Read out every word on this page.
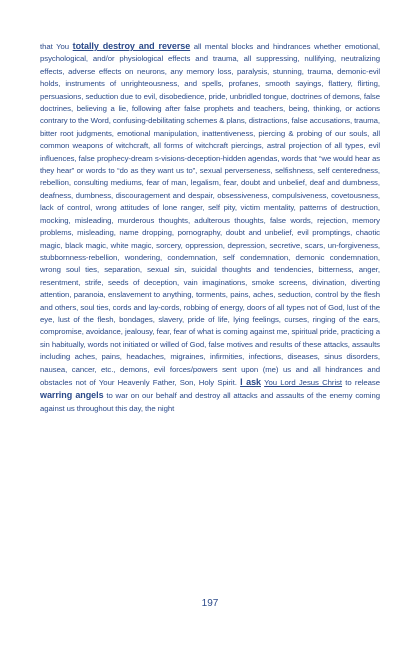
that You totally destroy and reverse all mental blocks and hindrances whether emotional, psychological, and/or physiological effects and trauma, all suppressing, nullifying, neutralizing effects, adverse effects on neurons, any memory loss, paralysis, stunning, trauma, demonic-evil holds, instruments of unrighteousness, and spells, profanes, smooth sayings, flattery, flirting, persuasions, seduction due to evil, disobedience, pride, unbridled tongue, doctrines of demons, false doctrines, believing a lie, following after false prophets and teachers, being, thinking, or actions contrary to the Word, confusing-debilitating schemes & plans, distractions, false accusations, trauma, bitter root judgments, emotional manipulation, inattentiveness, piercing & probing of our souls, all common weapons of witchcraft, all forms of witchcraft piercings, astral projection of all types, evil influences, false prophecy-dream s-visions-deception-hidden agendas, words that “we would hear as they hear” or words to “do as they want us to”, sexual perverseness, selfishness, self centeredness, rebellion, consulting mediums, fear of man, legalism, fear, doubt and unbelief, deaf and dumbness, deafness, dumbness, discouragement and despair, obsessiveness, compulsiveness, covetousness, lack of control, wrong attitudes of lone ranger, self pity, victim mentality, patterns of destruction, mocking, misleading, murderous thoughts, adulterous thoughts, false words, rejection, memory problems, misleading, name dropping, pornography, doubt and unbelief, evil promptings, chaotic magic, black magic, white magic, sorcery, oppression, depression, secretive, scars, un-forgiveness, stubbornness-rebellion, wondering, condemnation, self condemnation, demonic condemnation, wrong soul ties, separation, sexual sin, suicidal thoughts and tendencies, bitterness, anger, resentment, strife, seeds of deception, vain imaginations, smoke screens, divination, diverting attention, paranoia, enslavement to anything, torments, pains, aches, seduction, control by the flesh and others, soul ties, cords and lay-cords, robbing of energy, doors of all types not of God, lust of the eye, lust of the flesh, bondages, slavery, pride of life, lying feelings, curses, ringing of the ears, compromise, avoidance, jealousy, fear, fear of what is coming against me, spiritual pride, practicing a sin habitually, words not initiated or willed of God, false motives and results of these attacks, assaults including aches, pains, headaches, migraines, infirmities, infections, diseases, sinus disorders, nausea, cancer, etc., demons, evil forces/powers sent upon (me) us and all hindrances and obstacles not of Your Heavenly Father, Son, Holy Spirit. I ask You Lord Jesus Christ to release warring angels to war on our behalf and destroy all attacks and assaults of the enemy coming against us throughout this day, the night

197
